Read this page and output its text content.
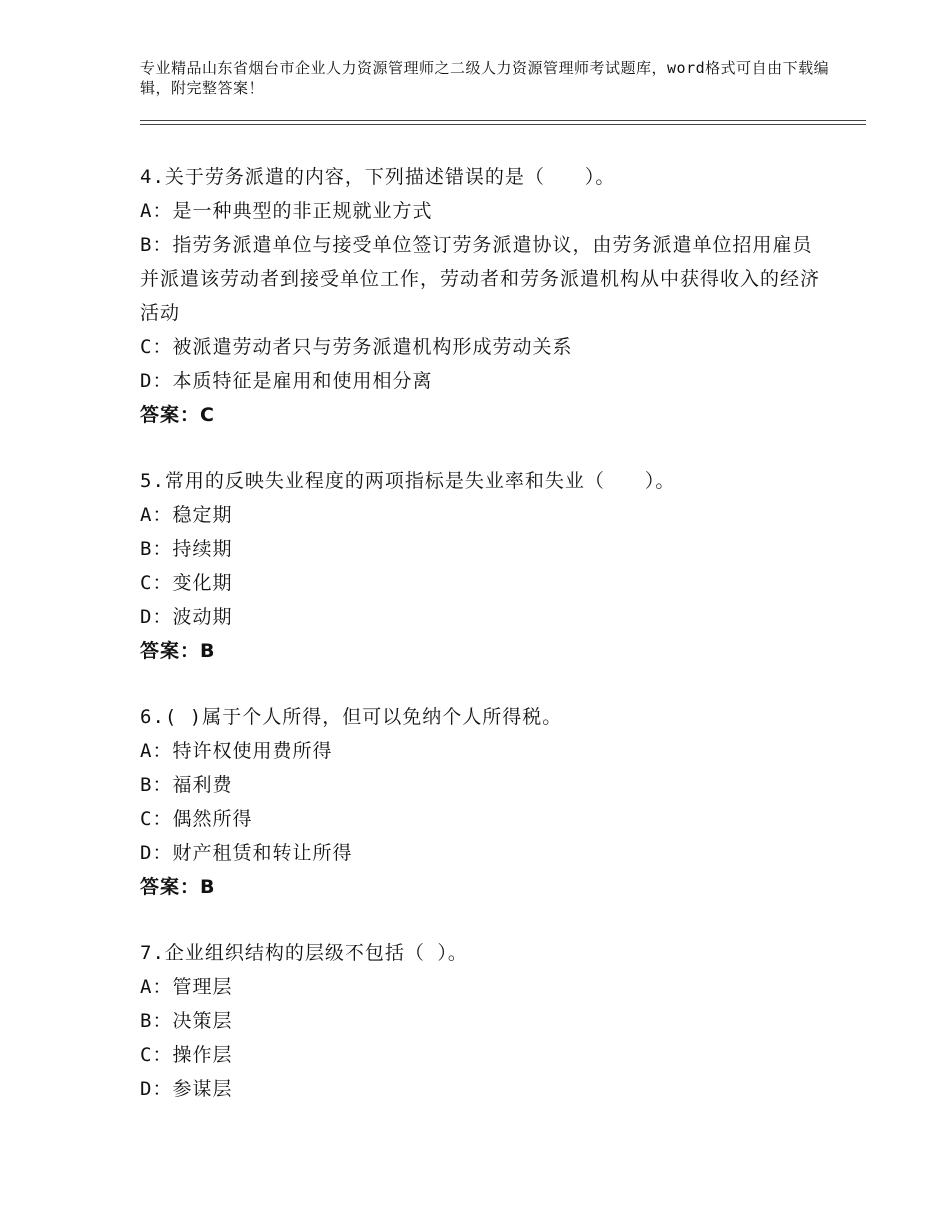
专业精品山东省烟台市企业人力资源管理师之二级人力资源管理师考试题库，word格式可自由下载编辑，附完整答案！

4.关于劳务派遣的内容，下列描述错误的是（　　）。

A：是一种典型的非正规就业方式

B：指劳务派遣单位与接受单位签订劳务派遣协议，由劳务派遣单位招用雇员并派遣该劳动者到接受单位工作，劳动者和劳务派遣机构从中获得收入的经济活动

C：被派遣劳动者只与劳务派遣机构形成劳动关系

D：本质特征是雇用和使用相分离

答案：C

5.常用的反映失业程度的两项指标是失业率和失业（　　）。

A：稳定期

B：持续期

C：变化期

D：波动期

答案：B

6.( )属于个人所得，但可以免纳个人所得税。

A：特许权使用费所得

B：福利费

C：偶然所得

D：财产租赁和转让所得

答案：B

7.企业组织结构的层级不包括（ ）。

A：管理层

B：决策层

C：操作层

D：参谋层
